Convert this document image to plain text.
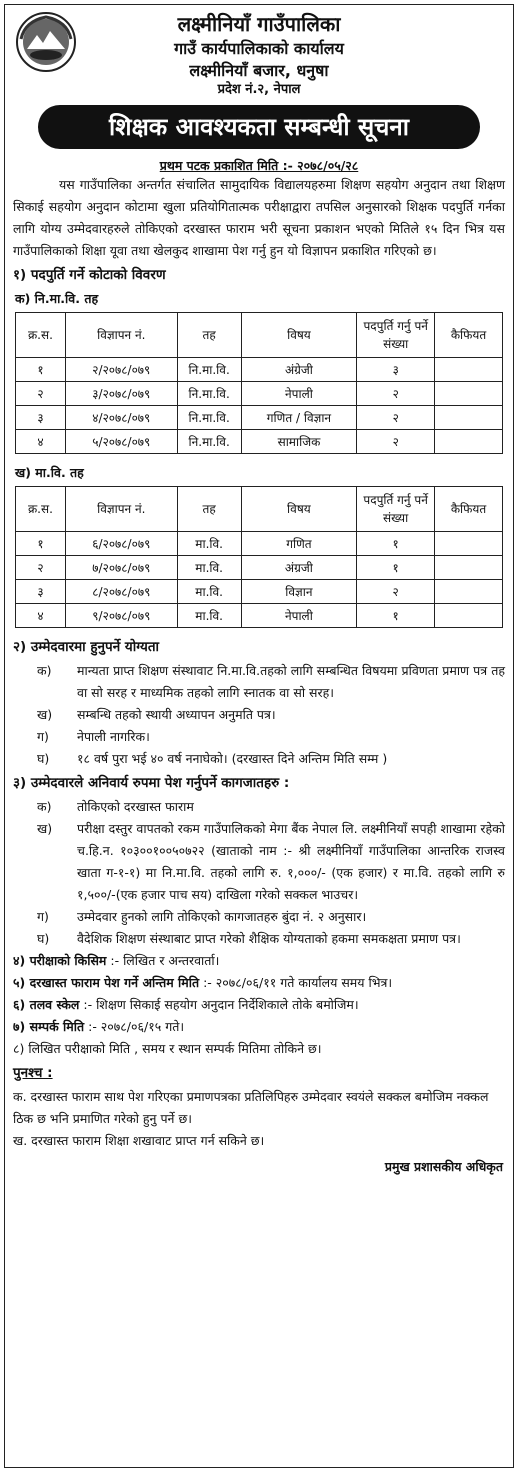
लक्ष्मीनियाँ गाउँपालिका
गाउँ कार्यपालिकाको कार्यालय
लक्ष्मीनियाँ बजार, धनुषा
प्रदेश नं.२, नेपाल
शिक्षक आवश्यकता सम्बन्धी सूचना
प्रथम पटक प्रकाशित मिति :- २०७८/०५/२८
यस गाउँपालिका अन्तर्गत संचालित सामुदायिक विद्यालयहरुमा शिक्षण सहयोग अनुदान तथा शिक्षण सिकाई सहयोग अनुदान कोटामा खुला प्रतियोगितात्मक परीक्षाद्वारा तपसिल अनुसारको शिक्षक पदपुर्ति गर्नका लागि योग्य उम्मेदवारहरुले तोकिएको दरखास्त फाराम भरी सूचना प्रकाशन भएको मितिले १५ दिन भित्र यस गाउँपालिकाको शिक्षा यूवा तथा खेलकुद शाखामा पेश गर्नु हुन यो विज्ञापन प्रकाशित गरिएको छ।
१) पदपुर्ति गर्ने कोटाको विवरण
क) नि.मा.वि. तह
क्र.स.	विज्ञापन नं.	तह	विषय	पदपुर्ति गर्नु पर्ने संख्या	कैफियत
१	२/२०७८/०७९	नि.मा.वि.	अंग्रेजी	३	
२	३/२०७८/०७९	नि.मा.वि.	नेपाली	२	
३	४/२०७८/०७९	नि.मा.वि.	गणित / विज्ञान	२	
४	५/२०७८/०७९	नि.मा.वि.	सामाजिक	२	
ख) मा.वि. तह
क्र.स.	विज्ञापन नं.	तह	विषय	पदपुर्ति गर्नु पर्ने संख्या	कैफियत
१	६/२०७८/०७९	मा.वि.	गणित	१	
२	७/२०७८/०७९	मा.वि.	अंग्रजी	१	
३	८/२०७८/०७९	मा.वि.	विज्ञान	२	
४	९/२०७८/०७९	मा.वि.	नेपाली	१	
२) उम्मेदवारमा हुनुपर्ने योग्यता
क)	मान्यता प्राप्त शिक्षण संस्थावाट नि.मा.वि.तहको लागि सम्बन्धित विषयमा प्रविणता प्रमाण पत्र तह वा सो सरह र माध्यमिक तहको लागि स्नातक वा सो सरह।
ख)	सम्बन्धि तहको स्थायी अध्यापन अनुमति पत्र।
ग)	नेपाली नागरिक।
घ)	१८ वर्ष पुरा भई ४० वर्ष ननाघेको। (दरखास्त दिने अन्तिम मिति सम्म )
३) उम्मेदवारले अनिवार्य रुपमा पेश गर्नुपर्ने कागजातहरु :
क)	तोकिएको दरखास्त फाराम
ख)	परीक्षा दस्तुर वापतको रकम गाउँपालिकको मेगा बैंक नेपाल लि. लक्ष्मीनियाँ सपही शाखामा रहेको च.हि.न. १०३००१००५०७२२ (खाताको नाम :- श्री लक्ष्मीनियाँ गाउँपालिका आन्तरिक राजस्व खाता ग-१-१) मा नि.मा.वि. तहको लागि रु. १,०००/- (एक हजार) र मा.वि. तहको लागि रु १,५००/-(एक हजार पाच सय) दाखिला गरेको सक्कल भाउचर।
ग)	उम्मेदवार हुनको लागि तोकिएको कागजातहरु बुंदा नं. २ अनुसार।
घ)	वैदेशिक शिक्षण संस्थाबाट प्राप्त गरेको शैक्षिक योग्यताको हकमा समकक्षता प्रमाण पत्र।
४) परीक्षाको किसिम :- लिखित र अन्तरवार्ता।
५) दरखास्त फाराम पेश गर्ने अन्तिम मिति :- २०७८/०६/११ गते कार्यालय समय भित्र।
६) तलव स्केल :- शिक्षण सिकाई सहयोग अनुदान निर्देशिकाले तोके बमोजिम।
७) सम्पर्क मिति :- २०७८/०६/१५ गते।
८) लिखित परीक्षाको मिति , समय र स्थान सम्पर्क मितिमा तोकिने छ।
पुनश्च :
क. दरखास्त फाराम साथ पेश गरिएका प्रमाणपत्रका प्रतिलिपिहरु उम्मेदवार स्वयंले सक्कल बमोजिम नक्कल ठिक छ भनि प्रमाणित गरेको हुनु पर्ने छ।
ख. दरखास्त फाराम शिक्षा शखावाट प्राप्त गर्न सकिने छ।
प्रमुख प्रशासकीय अधिकृत
